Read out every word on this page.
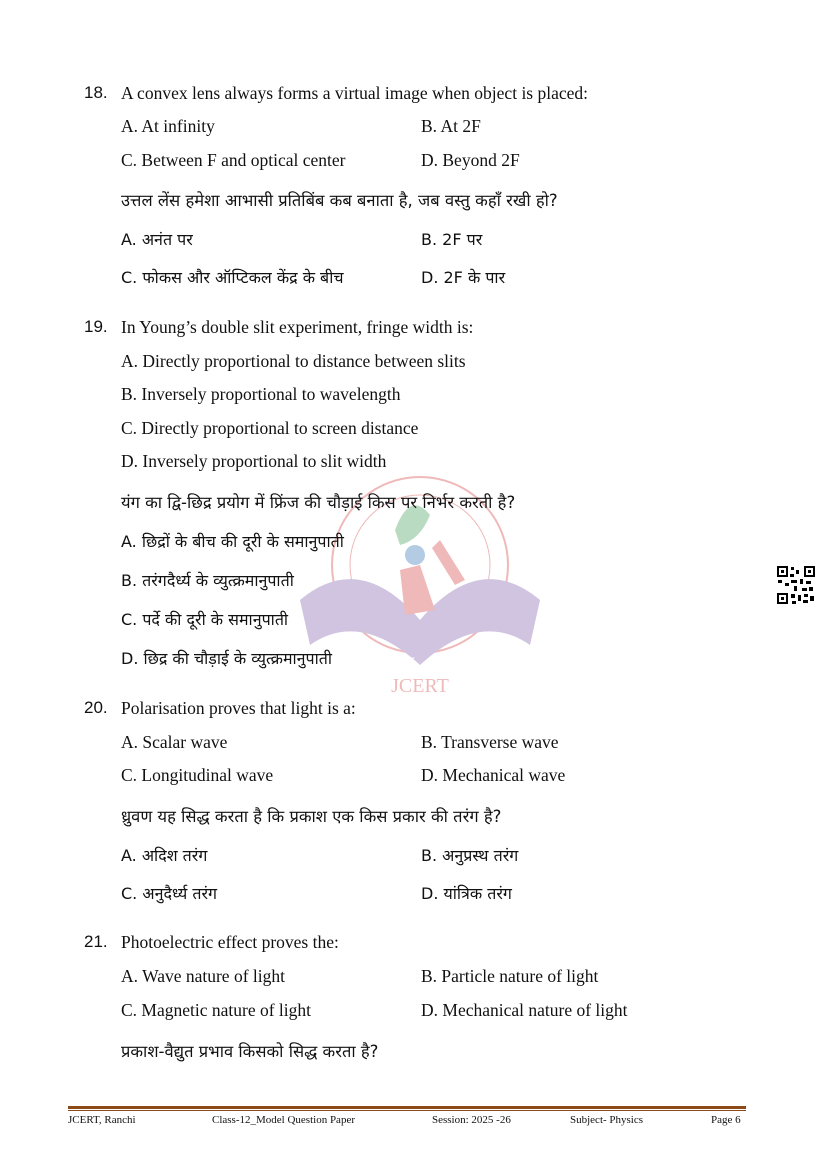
JCERT
शोध	नेतृत्व
18. A convex lens always forms a virtual image when object is placed:
A. At infinity	B. At 2F
C. Between F and optical center	D. Beyond 2F
उत्तल लेंस हमेशा आभासी प्रतिबिंब कब बनाता है, जब वस्तु कहाँ रखी हो?
A. अनंत पर	B. 2F पर
C. फोकस और ऑप्टिकल केंद्र के बीच	D. 2F के पार
19. In Young’s double slit experiment, fringe width is:
A. Directly proportional to distance between slits
B. Inversely proportional to wavelength
C. Directly proportional to screen distance
D. Inversely proportional to slit width
यंग का द्वि-छिद्र प्रयोग में फ्रिंज की चौड़ाई किस पर निर्भर करती है?
A. छिद्रों के बीच की दूरी के समानुपाती
B. तरंगदैर्ध्य के व्युत्क्रमानुपाती
C. पर्दे की दूरी के समानुपाती
D. छिद्र की चौड़ाई के व्युत्क्रमानुपाती
20. Polarisation proves that light is a:
A. Scalar wave	B. Transverse wave
C. Longitudinal wave	D. Mechanical wave
ध्रुवण यह सिद्ध करता है कि प्रकाश एक किस प्रकार की तरंग है?
A. अदिश तरंग	B. अनुप्रस्थ तरंग
C. अनुदैर्ध्य तरंग	D. यांत्रिक तरंग
21. Photoelectric effect proves the:
A. Wave nature of light	B. Particle nature of light
C. Magnetic nature of light	D. Mechanical nature of light
प्रकाश-वैद्युत प्रभाव किसको सिद्ध करता है?
JCERT, Ranchi	Class-12_Model Question Paper	Session: 2025 -26	Subject- Physics	Page 6
